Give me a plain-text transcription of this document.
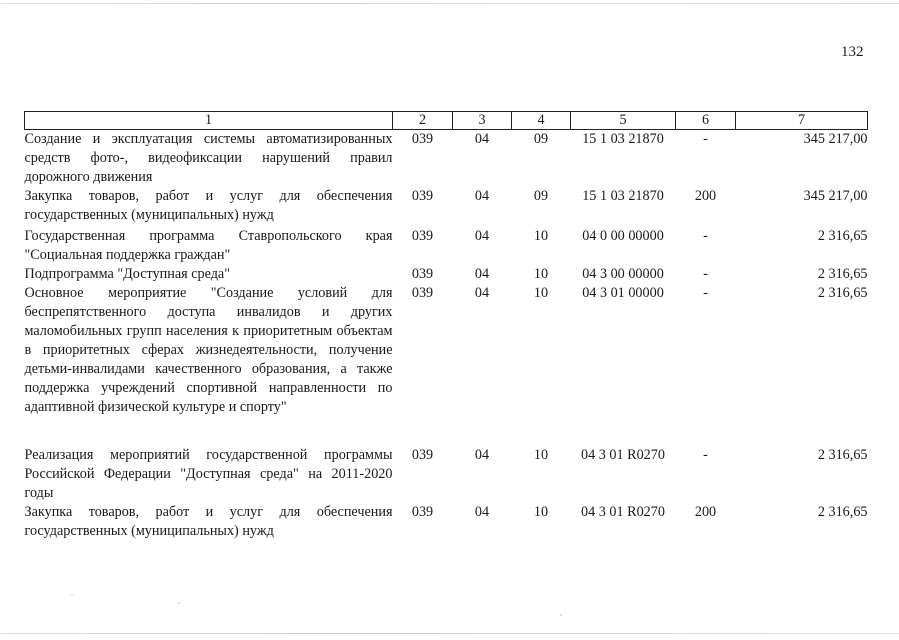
132
1	2	3	4	5	6	7
Создание и эксплуатация системы автоматизированных средств фото-, видеофиксации нарушений правил дорожного движения	039	04	09	15 1 03 21870	-	345 217,00
Закупка товаров, работ и услуг для обеспечения государственных (муниципальных) нужд	039	04	09	15 1 03 21870	200	345 217,00
Государственная программа Ставропольского края "Социальная поддержка граждан"	039	04	10	04 0 00 00000	-	2 316,65
Подпрограмма "Доступная среда"	039	04	10	04 3 00 00000	-	2 316,65
Основное мероприятие "Создание условий для беспрепятственного доступа инвалидов и других маломобильных групп населения к приоритетным объектам в приоритетных сферах жизнедеятельности, получение детьми-инвалидами качественного образования, а также поддержка учреждений спортивной направленности по адаптивной физической культуре и спорту"	039	04	10	04 3 01 00000	-	2 316,65
Реализация мероприятий государственной программы Российской Федерации "Доступная среда" на 2011-2020 годы	039	04	10	04 3 01 R0270	-	2 316,65
Закупка товаров, работ и услуг для обеспечения государственных (муниципальных) нужд	039	04	10	04 3 01 R0270	200	2 316,65
